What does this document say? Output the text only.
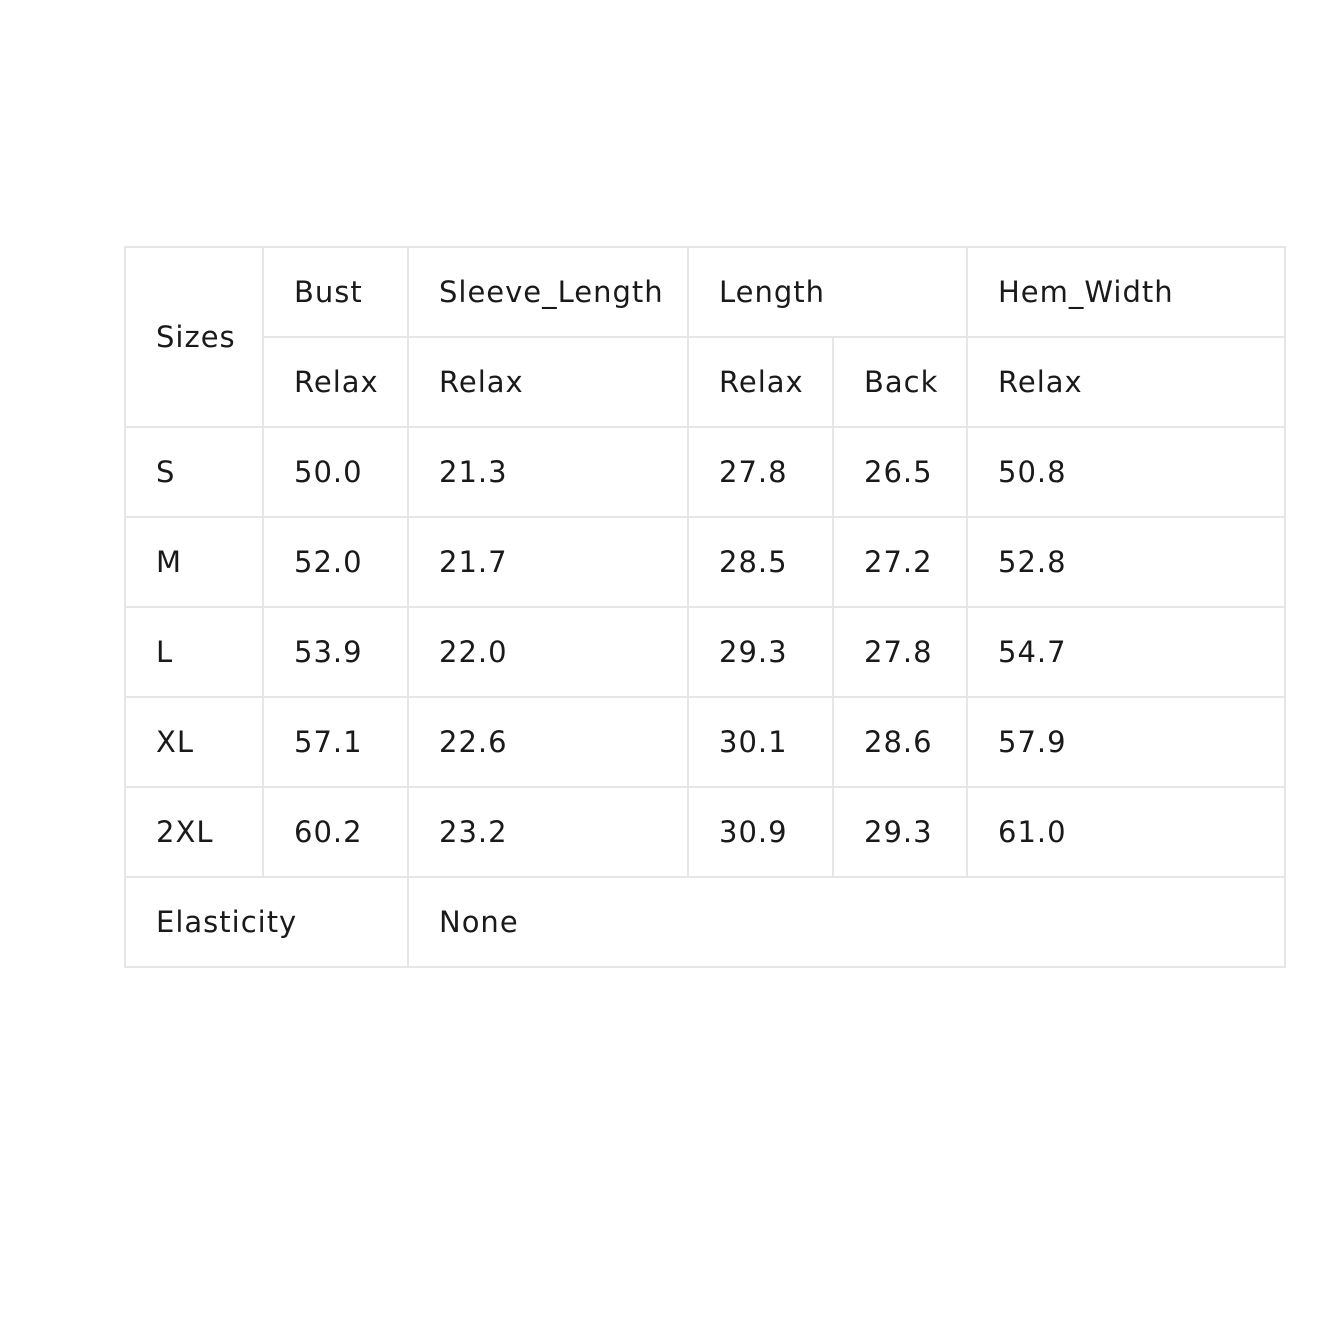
Sizes	Bust	Sleeve_Length	Length		Hem_Width
	Relax	Relax	Relax	Back	Relax
S	50.0	21.3	27.8	26.5	50.8
M	52.0	21.7	28.5	27.2	52.8
L	53.9	22.0	29.3	27.8	54.7
XL	57.1	22.6	30.1	28.6	57.9
2XL	60.2	23.2	30.9	29.3	61.0
Elasticity		None			
